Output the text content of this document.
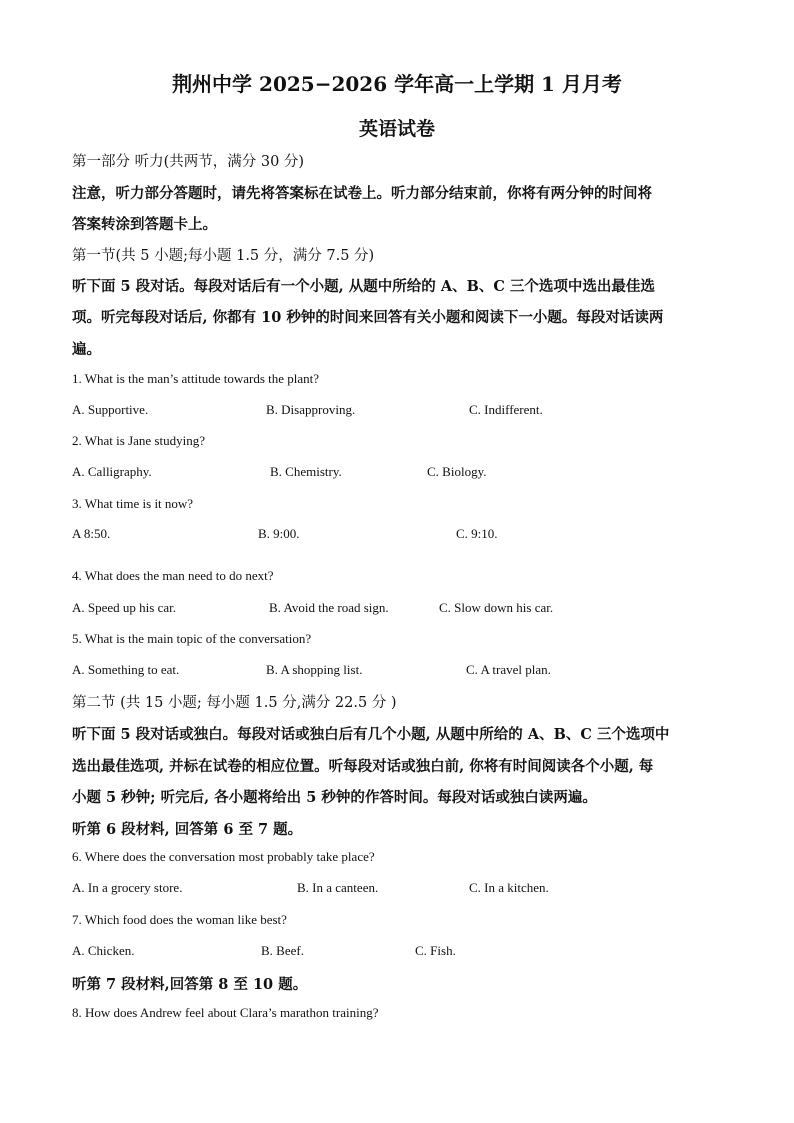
荆州中学 2025−2026 学年高一上学期 1 月月考
英语试卷
第一部分 听力(共两节，满分 30 分)
注意，听力部分答题时，请先将答案标在试卷上。听力部分结束前，你将有两分钟的时间将
答案转涂到答题卡上。
第一节(共 5 小题;每小题 1.5 分，满分 7.5 分)
听下面 5 段对话。每段对话后有一个小题, 从题中所给的 A、B、C 三个选项中选出最佳选
项。听完每段对话后, 你都有 10 秒钟的时间来回答有关小题和阅读下一小题。每段对话读两
遍。
1. What is the man’s attitude towards the plant?
A. Supportive.	B. Disapproving.	C. Indifferent.
2. What is Jane studying?
A. Calligraphy.	B. Chemistry.	C. Biology.
3. What time is it now?
A 8:50.	B. 9:00.	C. 9:10.
4. What does the man need to do next?
A. Speed up his car.	B. Avoid the road sign.	C. Slow down his car.
5. What is the main topic of the conversation?
A. Something to eat.	B. A shopping list.	C. A travel plan.
第二节 (共 15 小题; 每小题 1.5 分,满分 22.5 分 )
听下面 5 段对话或独白。每段对话或独白后有几个小题, 从题中所给的 A、B、C 三个选项中
选出最佳选项, 并标在试卷的相应位置。听每段对话或独白前, 你将有时间阅读各个小题, 每
小题 5 秒钟; 听完后, 各小题将给出 5 秒钟的作答时间。每段对话或独白读两遍。
听第 6 段材料, 回答第 6 至 7 题。
6. Where does the conversation most probably take place?
A. In a grocery store.	B. In a canteen.	C. In a kitchen.
7. Which food does the woman like best?
A. Chicken.	B. Beef.	C. Fish.
听第 7 段材料,回答第 8 至 10 题。
8. How does Andrew feel about Clara’s marathon training?
